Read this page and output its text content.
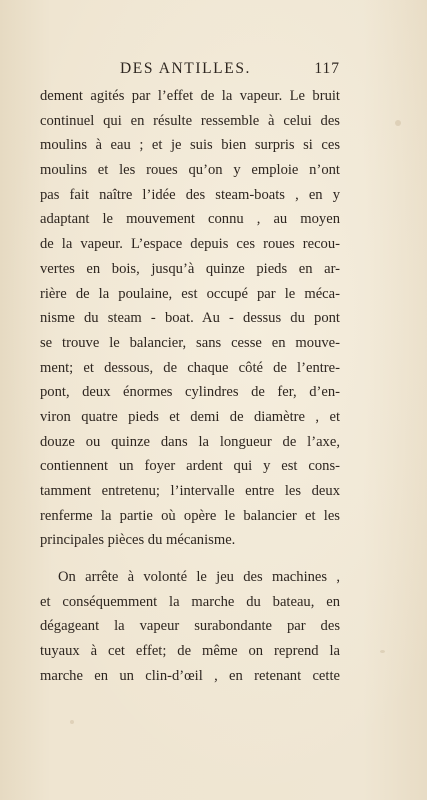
DES ANTILLES.	117
dement agités par l’effet de la vapeur. Le bruit
continuel qui en résulte ressemble à celui des
moulins à eau ; et je suis bien surpris si ces
moulins et les roues qu’on y emploie n’ont
pas fait naître l’idée des steam-boats , en y
adaptant le mouvement connu , au moyen
de la vapeur. L’espace depuis ces roues recou-
vertes en bois, jusqu’à quinze pieds en ar-
rière de la poulaine, est occupé par le méca-
nisme du steam - boat. Au - dessus du pont
se trouve le balancier, sans cesse en mouve-
ment; et dessous, de chaque côté de l’entre-
pont, deux énormes cylindres de fer, d’en-
viron quatre pieds et demi de diamètre , et
douze ou quinze dans la longueur de l’axe,
contiennent un foyer ardent qui y est cons-
tamment entretenu; l’intervalle entre les deux
renferme la partie où opère le balancier et les
principales pièces du mécanisme.
On arrête à volonté le jeu des machines ,
et conséquemment la marche du bateau, en
dégageant la vapeur surabondante par des
tuyaux à cet effet; de même on reprend la
marche en un clin-d’œil , en retenant cette
